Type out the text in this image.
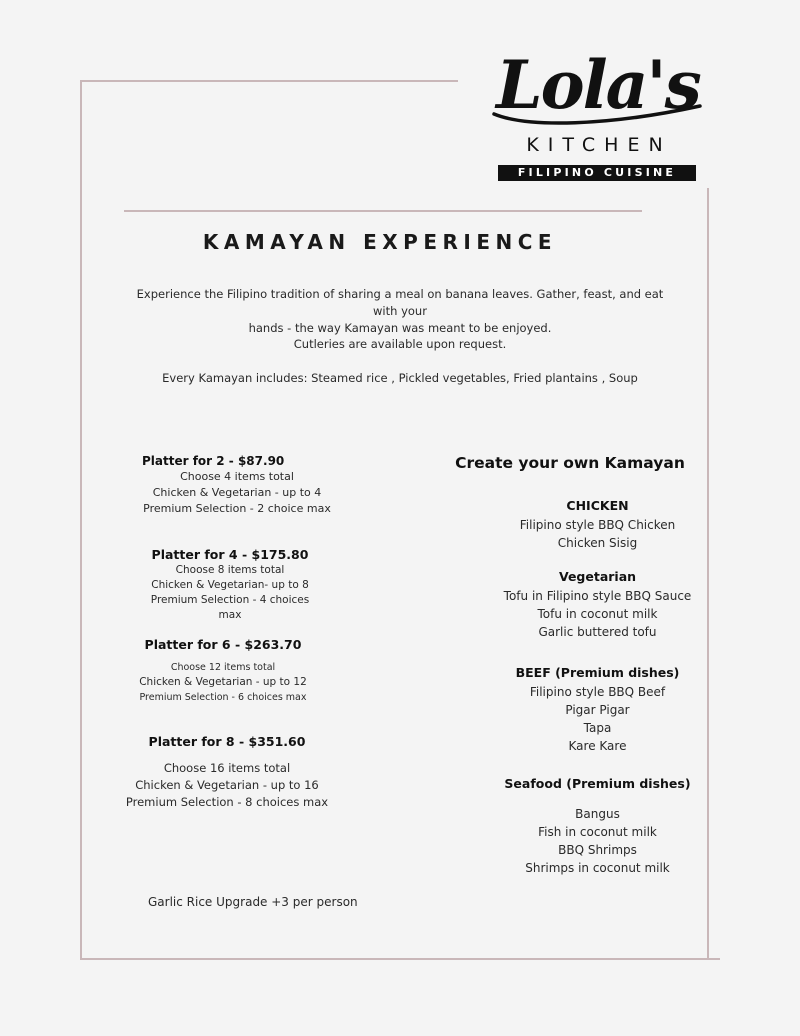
Lola's
KITCHEN
FILIPINO CUISINE
KAMAYAN EXPERIENCE
Experience the Filipino tradition of sharing a meal on banana leaves. Gather, feast, and eat with your
hands - the way Kamayan was meant to be enjoyed.
Cutleries are available upon request.
Every Kamayan includes: Steamed rice , Pickled vegetables, Fried plantains , Soup
Platter for 2 - $87.90
Choose 4 items total
Chicken & Vegetarian - up to 4
Premium Selection - 2 choice max
Platter for 4 - $175.80
Choose 8 items total
Chicken & Vegetarian- up to 8
Premium Selection - 4 choices max
Platter for 6 - $263.70
Choose 12 items total
Chicken & Vegetarian - up to 12
Premium Selection - 6 choices max
Platter for 8 - $351.60
Choose 16 items total
Chicken & Vegetarian - up to 16
Premium Selection - 8 choices max
Create your own Kamayan
CHICKEN
Filipino style BBQ Chicken
Chicken Sisig
Vegetarian
Tofu in Filipino style BBQ Sauce
Tofu in coconut milk
Garlic buttered tofu
BEEF (Premium dishes)
Filipino style BBQ Beef
Pigar Pigar
Tapa
Kare Kare
Seafood (Premium dishes)
Bangus
Fish in coconut milk
BBQ Shrimps
Shrimps in coconut milk
Garlic Rice Upgrade +3 per person
